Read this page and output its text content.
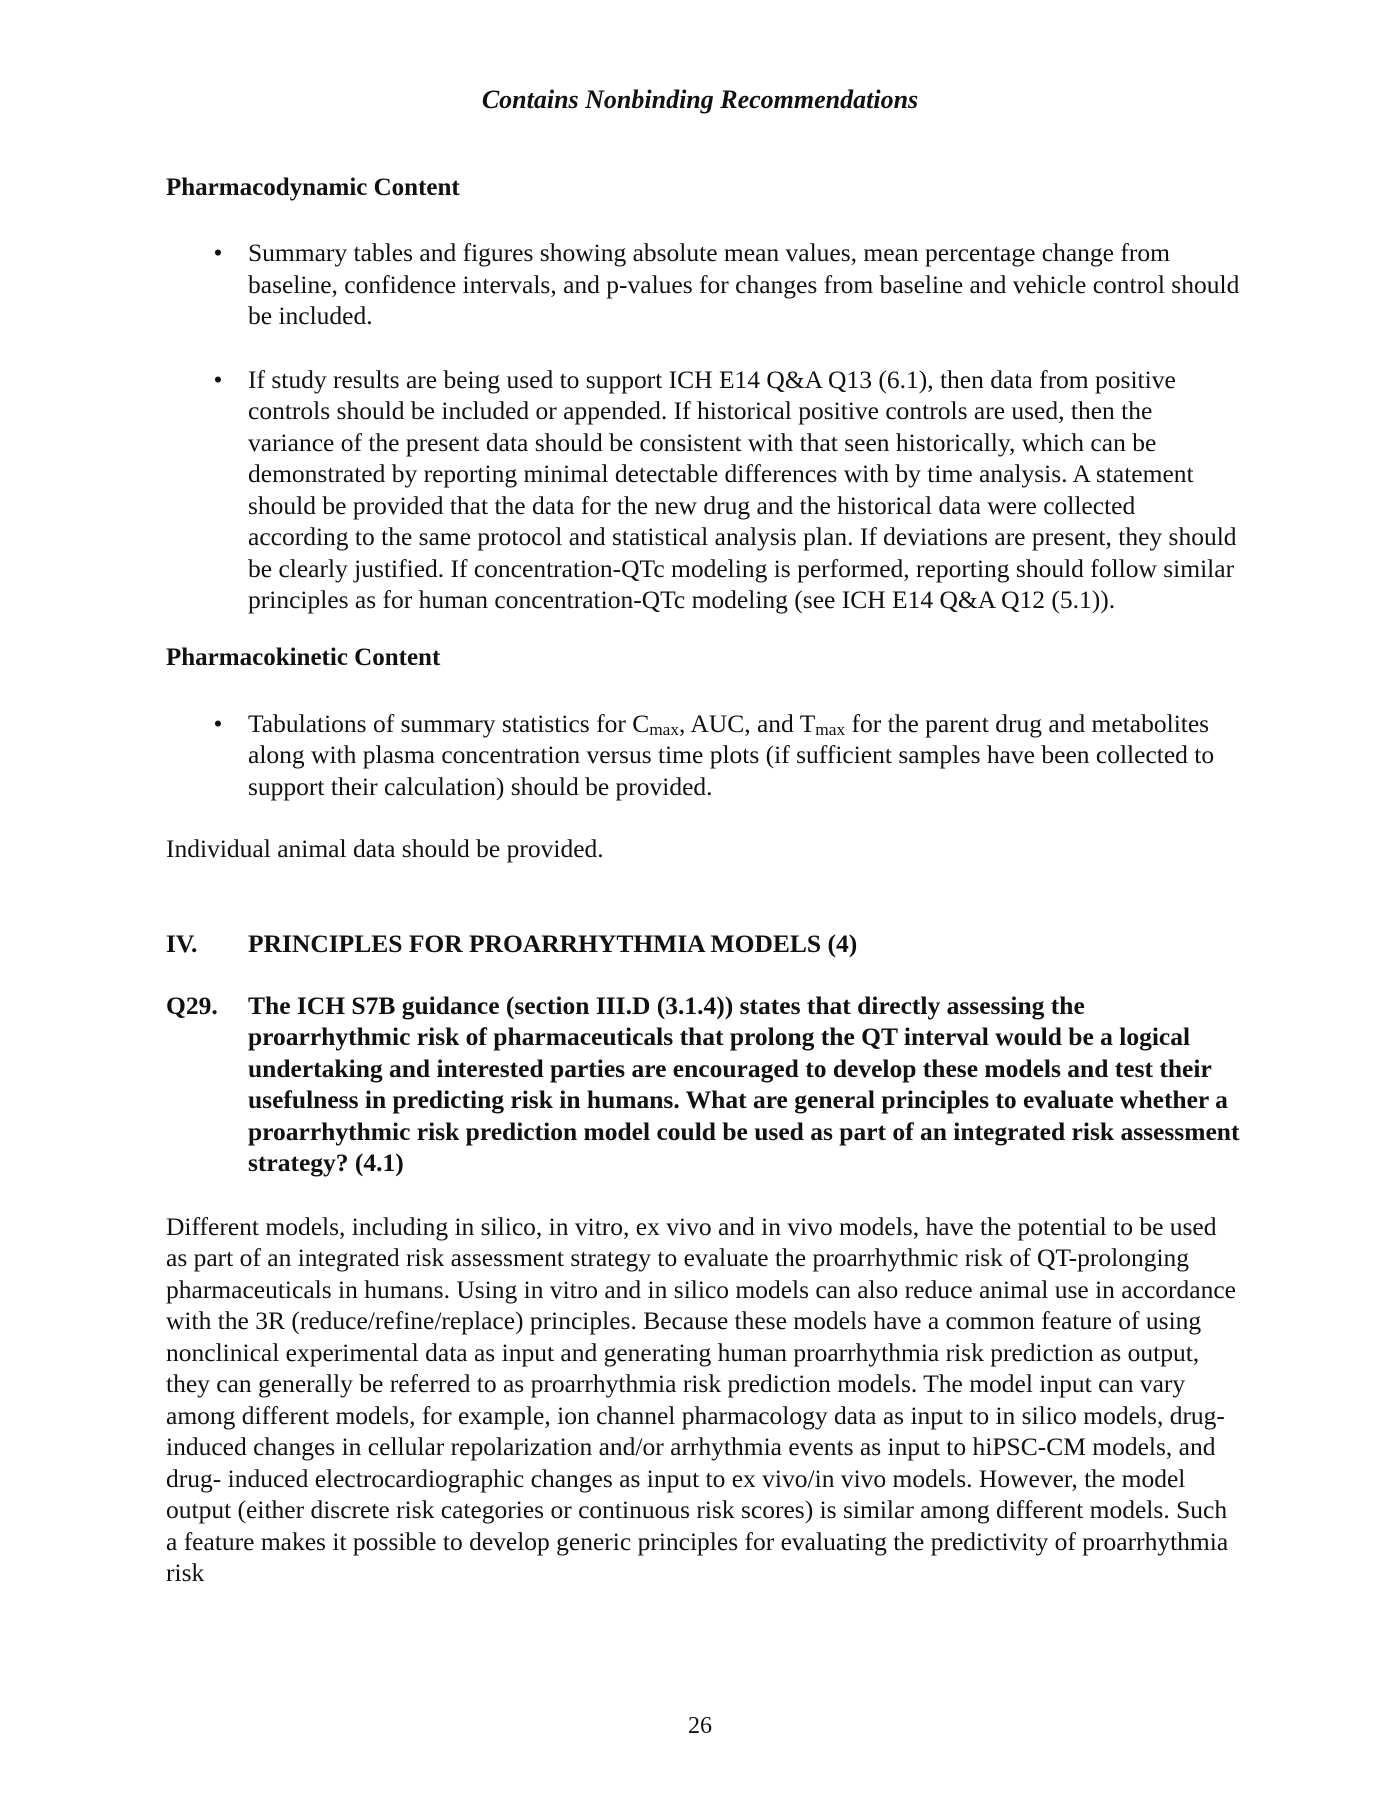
Contains Nonbinding Recommendations
Pharmacodynamic Content
• Summary tables and figures showing absolute mean values, mean percentage change from baseline, confidence intervals, and p-values for changes from baseline and vehicle control should be included.
• If study results are being used to support ICH E14 Q&A Q13 (6.1), then data from positive controls should be included or appended. If historical positive controls are used, then the variance of the present data should be consistent with that seen historically, which can be demonstrated by reporting minimal detectable differences with by time analysis. A statement should be provided that the data for the new drug and the historical data were collected according to the same protocol and statistical analysis plan. If deviations are present, they should be clearly justified. If concentration-QTc modeling is performed, reporting should follow similar principles as for human concentration-QTc modeling (see ICH E14 Q&A Q12 (5.1)).
Pharmacokinetic Content
• Tabulations of summary statistics for $C_{max}$, AUC, and $T_{max}$ for the parent drug and metabolites along with plasma concentration versus time plots (if sufficient samples have been collected to support their calculation) should be provided.

Individual animal data should be provided.

IV. PRINCIPLES FOR PROARRHYTHMIA MODELS (4)
Q29. The ICH S7B guidance (section III.D (3.1.4)) states that directly assessing the proarrhythmic risk of pharmaceuticals that prolong the QT interval would be a logical undertaking and interested parties are encouraged to develop these models and test their usefulness in predicting risk in humans. What are general principles to evaluate whether a proarrhythmic risk prediction model could be used as part of an integrated risk assessment strategy? (4.1)

Different models, including in silico, in vitro, ex vivo and in vivo models, have the potential to be used as part of an integrated risk assessment strategy to evaluate the proarrhythmic risk of QT-prolonging pharmaceuticals in humans. Using in vitro and in silico models can also reduce animal use in accordance with the 3R (reduce/refine/replace) principles. Because these models have a common feature of using nonclinical experimental data as input and generating human proarrhythmia risk prediction as output, they can generally be referred to as proarrhythmia risk prediction models. The model input can vary among different models, for example, ion channel pharmacology data as input to in silico models, drug-induced changes in cellular repolarization and/or arrhythmia events as input to hiPSC-CM models, and drug- induced electrocardiographic changes as input to ex vivo/in vivo models. However, the model output (either discrete risk categories or continuous risk scores) is similar among different models. Such a feature makes it possible to develop generic principles for evaluating the predictivity of proarrhythmia risk

26
